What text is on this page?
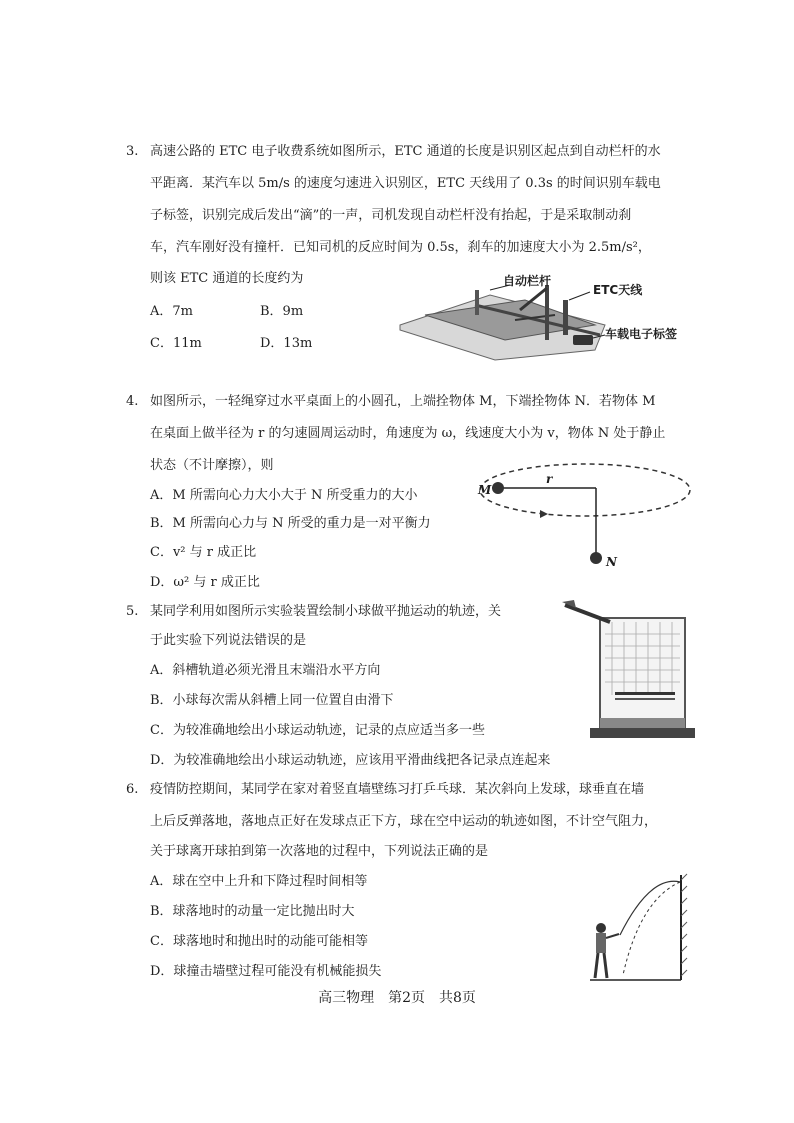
3. 高速公路的 ETC 电子收费系统如图所示，ETC 通道的长度是识别区起点到自动栏杆的水
平距离．某汽车以 5m/s 的速度匀速进入识别区，ETC 天线用了 0.3s 的时间识别车载电
子标签，识别完成后发出“滴”的一声，司机发现自动栏杆没有抬起，于是采取制动刹
车，汽车刚好没有撞杆．已知司机的反应时间为 0.5s，刹车的加速度大小为 2.5m/s²，
则该 ETC 通道的长度约为
A．7m	B．9m
C．11m	D．13m
自动栏杆
ETC天线
车载电子标签
4. 如图所示，一轻绳穿过水平桌面上的小圆孔，上端拴物体 M，下端拴物体 N．若物体 M
在桌面上做半径为 r 的匀速圆周运动时，角速度为 ω，线速度大小为 v，物体 N 处于静止
状态（不计摩擦），则
A．M 所需向心力大小大于 N 所受重力的大小
B．M 所需向心力与 N 所受的重力是一对平衡力
C．v² 与 r 成正比
D．ω² 与 r 成正比
M
r
N
5. 某同学利用如图所示实验装置绘制小球做平抛运动的轨迹，关
于此实验下列说法错误的是
A．斜槽轨道必须光滑且末端沿水平方向
B．小球每次需从斜槽上同一位置自由滑下
C．为较准确地绘出小球运动轨迹，记录的点应适当多一些
D．为较准确地绘出小球运动轨迹，应该用平滑曲线把各记录点连起来
6. 疫情防控期间，某同学在家对着竖直墙壁练习打乒乓球．某次斜向上发球，球垂直在墙
上后反弹落地，落地点正好在发球点正下方，球在空中运动的轨迹如图，不计空气阻力，
关于球离开球拍到第一次落地的过程中，下列说法正确的是
A．球在空中上升和下降过程时间相等
B．球落地时的动量一定比抛出时大
C．球落地时和抛出时的动能可能相等
D．球撞击墙壁过程可能没有机械能损失
高三物理　第2页　共8页
